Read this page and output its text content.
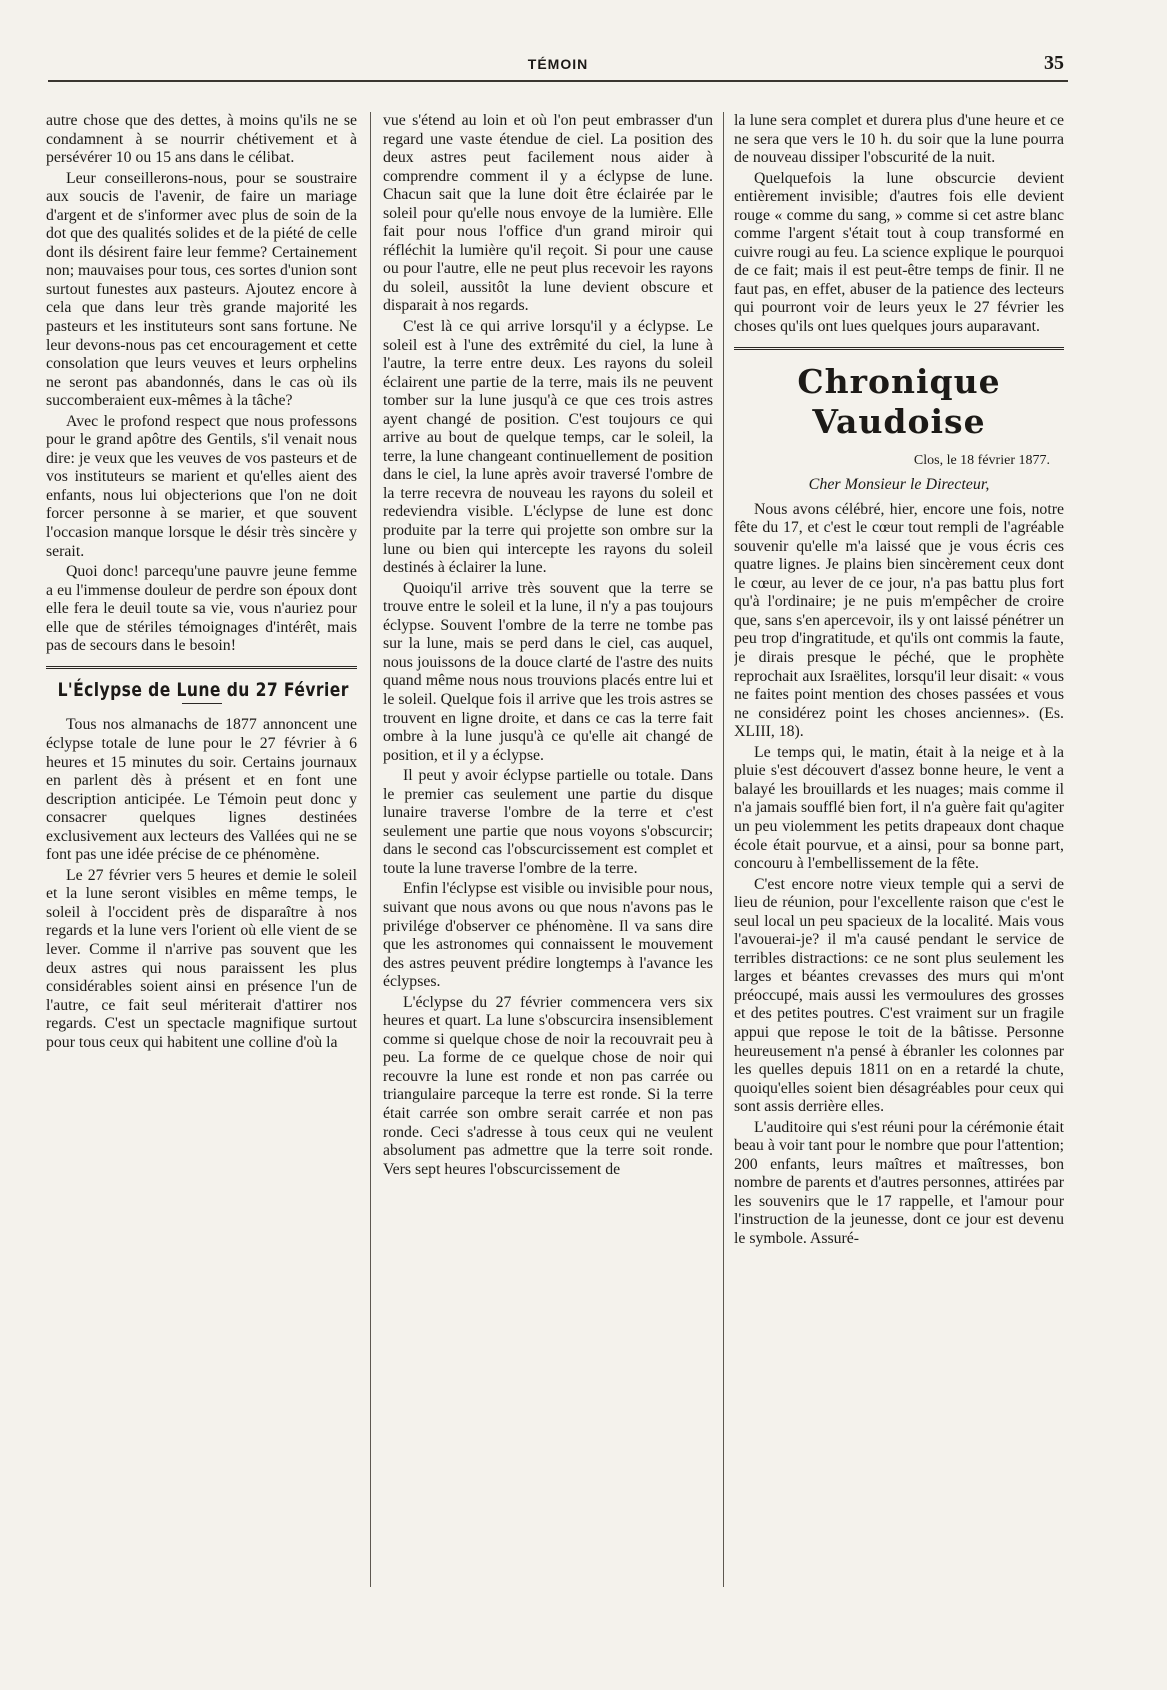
TÉMOIN	35

autre chose que des dettes, à moins qu'ils ne se condamnent à se nourrir chétivement et à persévérer 10 ou 15 ans dans le célibat.

Leur conseillerons-nous, pour se soustraire aux soucis de l'avenir, de faire un mariage d'argent et de s'informer avec plus de soin de la dot que des qualités solides et de la piété de celle dont ils désirent faire leur femme? Certainement non; mauvaises pour tous, ces sortes d'union sont surtout funestes aux pasteurs. Ajoutez encore à cela que dans leur très grande majorité les pasteurs et les instituteurs sont sans fortune. Ne leur devons-nous pas cet encouragement et cette consolation que leurs veuves et leurs orphelins ne seront pas abandonnés, dans le cas où ils succomberaient eux-mêmes à la tâche?

Avec le profond respect que nous professons pour le grand apôtre des Gentils, s'il venait nous dire: je veux que les veuves de vos pasteurs et de vos instituteurs se marient et qu'elles aient des enfants, nous lui objecterions que l'on ne doit forcer personne à se marier, et que souvent l'occasion manque lorsque le désir très sincère y serait.

Quoi donc! parcequ'une pauvre jeune femme a eu l'immense douleur de perdre son époux dont elle fera le deuil toute sa vie, vous n'auriez pour elle que de stériles témoignages d'intérêt, mais pas de secours dans le besoin!

L'Éclypse de Lune du 27 Février

Tous nos almanachs de 1877 annoncent une éclypse totale de lune pour le 27 février à 6 heures et 15 minutes du soir. Certains journaux en parlent dès à présent et en font une description anticipée. Le Témoin peut donc y consacrer quelques lignes destinées exclusivement aux lecteurs des Vallées qui ne se font pas une idée précise de ce phénomène.

Le 27 février vers 5 heures et demie le soleil et la lune seront visibles en même temps, le soleil à l'occident près de disparaître à nos regards et la lune vers l'orient où elle vient de se lever. Comme il n'arrive pas souvent que les deux astres qui nous paraissent les plus considérables soient ainsi en présence l'un de l'autre, ce fait seul mériterait d'attirer nos regards. C'est un spectacle magnifique surtout pour tous ceux qui habitent une colline d'où la

vue s'étend au loin et où l'on peut embrasser d'un regard une vaste étendue de ciel. La position des deux astres peut facilement nous aider à comprendre comment il y a éclypse de lune. Chacun sait que la lune doit être éclairée par le soleil pour qu'elle nous envoye de la lumière. Elle fait pour nous l'office d'un grand miroir qui réfléchit la lumière qu'il reçoit. Si pour une cause ou pour l'autre, elle ne peut plus recevoir les rayons du soleil, aussitôt la lune devient obscure et disparait à nos regards.

C'est là ce qui arrive lorsqu'il y a éclypse. Le soleil est à l'une des extrêmité du ciel, la lune à l'autre, la terre entre deux. Les rayons du soleil éclairent une partie de la terre, mais ils ne peuvent tomber sur la lune jusqu'à ce que ces trois astres ayent changé de position. C'est toujours ce qui arrive au bout de quelque temps, car le soleil, la terre, la lune changeant continuellement de position dans le ciel, la lune après avoir traversé l'ombre de la terre recevra de nouveau les rayons du soleil et redeviendra visible. L'éclypse de lune est donc produite par la terre qui projette son ombre sur la lune ou bien qui intercepte les rayons du soleil destinés à éclairer la lune.

Quoiqu'il arrive très souvent que la terre se trouve entre le soleil et la lune, il n'y a pas toujours éclypse. Souvent l'ombre de la terre ne tombe pas sur la lune, mais se perd dans le ciel, cas auquel, nous jouissons de la douce clarté de l'astre des nuits quand même nous nous trouvions placés entre lui et le soleil. Quelque fois il arrive que les trois astres se trouvent en ligne droite, et dans ce cas la terre fait ombre à la lune jusqu'à ce qu'elle ait changé de position, et il y a éclypse.

Il peut y avoir éclypse partielle ou totale. Dans le premier cas seulement une partie du disque lunaire traverse l'ombre de la terre et c'est seulement une partie que nous voyons s'obscurcir; dans le second cas l'obscurcissement est complet et toute la lune traverse l'ombre de la terre.

Enfin l'éclypse est visible ou invisible pour nous, suivant que nous avons ou que nous n'avons pas le privilége d'observer ce phénomène. Il va sans dire que les astronomes qui connaissent le mouvement des astres peuvent prédire longtemps à l'avance les éclypses.

L'éclypse du 27 février commencera vers six heures et quart. La lune s'obscurcira insensiblement comme si quelque chose de noir la recouvrait peu à peu. La forme de ce quelque chose de noir qui recouvre la lune est ronde et non pas carrée ou triangulaire parceque la terre est ronde. Si la terre était carrée son ombre serait carrée et non pas ronde. Ceci s'adresse à tous ceux qui ne veulent absolument pas admettre que la terre soit ronde. Vers sept heures l'obscurcissement de

la lune sera complet et durera plus d'une heure et ce ne sera que vers le 10 h. du soir que la lune pourra de nouveau dissiper l'obscurité de la nuit.

Quelquefois la lune obscurcie devient entièrement invisible; d'autres fois elle devient rouge « comme du sang, » comme si cet astre blanc comme l'argent s'était tout à coup transformé en cuivre rougi au feu. La science explique le pourquoi de ce fait; mais il est peut-être temps de finir. Il ne faut pas, en effet, abuser de la patience des lecteurs qui pourront voir de leurs yeux le 27 février les choses qu'ils ont lues quelques jours auparavant.

Chronique Vaudoise
Clos, le 18 février 1877.
Cher Monsieur le Directeur,

Nous avons célébré, hier, encore une fois, notre fête du 17, et c'est le cœur tout rempli de l'agréable souvenir qu'elle m'a laissé que je vous écris ces quatre lignes. Je plains bien sincèrement ceux dont le cœur, au lever de ce jour, n'a pas battu plus fort qu'à l'ordinaire; je ne puis m'empêcher de croire que, sans s'en apercevoir, ils y ont laissé pénétrer un peu trop d'ingratitude, et qu'ils ont commis la faute, je dirais presque le péché, que le prophète reprochait aux Israëlites, lorsqu'il leur disait: « vous ne faites point mention des choses passées et vous ne considérez point les choses anciennes». (Es. XLIII, 18).

Le temps qui, le matin, était à la neige et à la pluie s'est découvert d'assez bonne heure, le vent a balayé les brouillards et les nuages; mais comme il n'a jamais soufflé bien fort, il n'a guère fait qu'agiter un peu violemment les petits drapeaux dont chaque école était pourvue, et a ainsi, pour sa bonne part, concouru à l'embellissement de la fête.

C'est encore notre vieux temple qui a servi de lieu de réunion, pour l'excellente raison que c'est le seul local un peu spacieux de la localité. Mais vous l'avouerai-je? il m'a causé pendant le service de terribles distractions: ce ne sont plus seulement les larges et béantes crevasses des murs qui m'ont préoccupé, mais aussi les vermoulures des grosses et des petites poutres. C'est vraiment sur un fragile appui que repose le toit de la bâtisse. Personne heureusement n'a pensé à ébranler les colonnes par les quelles depuis 1811 on en a retardé la chute, quoiqu'elles soient bien désagréables pour ceux qui sont assis derrière elles.

L'auditoire qui s'est réuni pour la cérémonie était beau à voir tant pour le nombre que pour l'attention; 200 enfants, leurs maîtres et maîtresses, bon nombre de parents et d'autres personnes, attirées par les souvenirs que le 17 rappelle, et l'amour pour l'instruction de la jeunesse, dont ce jour est devenu le symbole. Assuré-
